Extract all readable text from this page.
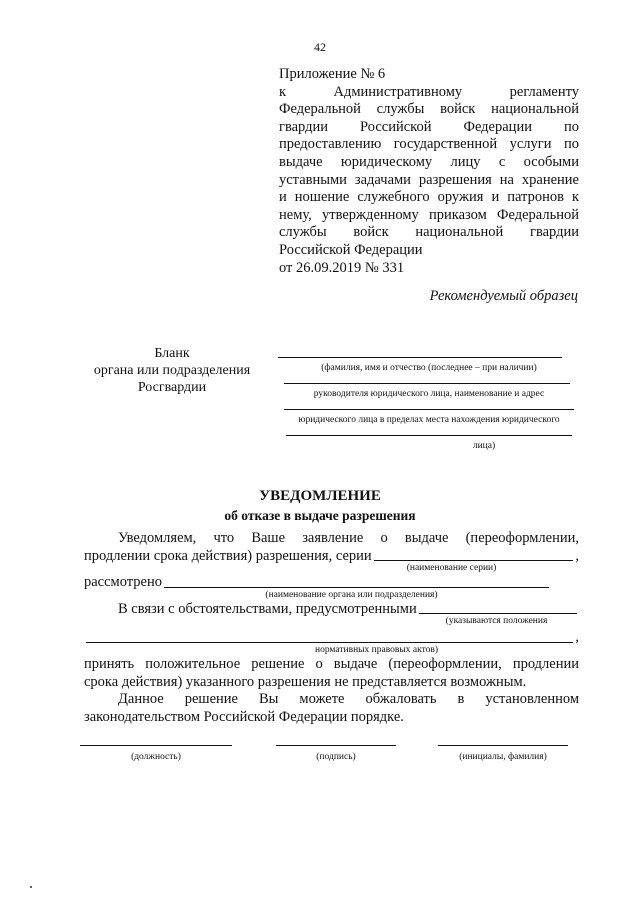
42
Приложение № 6
к	Административному	регламенту
Федеральной службы войск национальной
гвардии Российской Федерации по
предоставлению государственной услуги по
выдаче юридическому лицу с особыми
уставными задачами разрешения на хранение
и ношение служебного оружия и патронов к
нему, утвержденному приказом Федеральной
службы войск национальной гвардии
Российской Федерации
от 26.09.2019 № 331
Рекомендуемый образец
Бланк
органа или подразделения
Росгвардии
(фамилия, имя и отчество (последнее – при наличии)
руководителя юридического лица, наименование и адрес
юридического лица в пределах места нахождения юридического
лица)
УВЕДОМЛЕНИЕ
об отказе в выдаче разрешения
Уведомляем, что Ваше заявление о выдаче (переоформлении,
продлении срока действия) разрешения, серии	,
(наименование серии)
рассмотрено
(наименование органа или подразделения)
В связи с обстоятельствами, предусмотренными
(указываются положения
,
нормативных правовых актов)
принять положительное решение о выдаче (переоформлении, продлении
срока действия) указанного разрешения не представляется возможным.
Данное решение Вы можете обжаловать в установленном
законодательством Российской Федерации порядке.
(должность)	(подпись)	(инициалы, фамилия)
